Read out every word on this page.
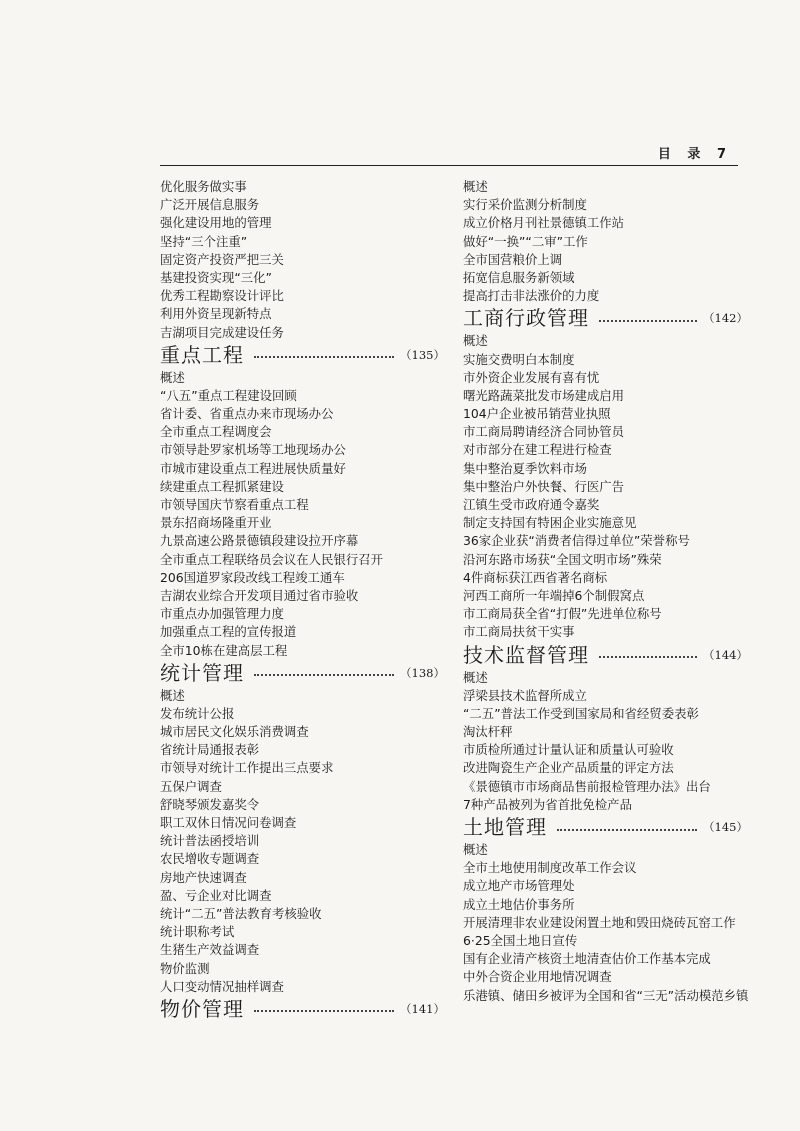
目 录 7
优化服务做实事
广泛开展信息服务
强化建设用地的管理
坚持“三个注重”
固定资产投资严把三关
基建投资实现“三化”
优秀工程勘察设计评比
利用外资呈现新特点
吉湖项目完成建设任务
重点工程	（135）
概述
“八五”重点工程建设回顾
省计委、省重点办来市现场办公
全市重点工程调度会
市领导赴罗家机场等工地现场办公
市城市建设重点工程进展快质量好
续建重点工程抓紧建设
市领导国庆节察看重点工程
景东招商场隆重开业
九景高速公路景德镇段建设拉开序幕
全市重点工程联络员会议在人民银行召开
206国道罗家段改线工程竣工通车
吉湖农业综合开发项目通过省市验收
市重点办加强管理力度
加强重点工程的宣传报道
全市10栋在建高层工程
统计管理	（138）
概述
发布统计公报
城市居民文化娱乐消费调查
省统计局通报表彰
市领导对统计工作提出三点要求
五保户调查
舒晓琴颁发嘉奖令
职工双休日情况问卷调查
统计普法函授培训
农民增收专题调查
房地产快速调查
盈、亏企业对比调查
统计“二五”普法教育考核验收
统计职称考试
生猪生产效益调查
物价监测
人口变动情况抽样调查
物价管理	（141）
概述
实行采价监测分析制度
成立价格月刊社景德镇工作站
做好“一换”“二审”工作
全市国营粮价上调
拓宽信息服务新领域
提高打击非法涨价的力度
工商行政管理	（142）
概述
实施交费明白本制度
市外资企业发展有喜有忧
曙光路蔬菜批发市场建成启用
104户企业被吊销营业执照
市工商局聘请经济合同协管员
对市部分在建工程进行检查
集中整治夏季饮料市场
集中整治户外快餐、行医广告
江镇生受市政府通令嘉奖
制定支持国有特困企业实施意见
36家企业获“消费者信得过单位”荣誉称号
沿河东路市场获“全国文明市场”殊荣
4件商标获江西省著名商标
河西工商所一年端掉6个制假窝点
市工商局获全省“打假”先进单位称号
市工商局扶贫干实事
技术监督管理	（144）
概述
浮梁县技术监督所成立
“二五”普法工作受到国家局和省经贸委表彰
淘汰杆秤
市质检所通过计量认证和质量认可验收
改进陶瓷生产企业产品质量的评定方法
《景德镇市市场商品售前报检管理办法》出台
7种产品被列为省首批免检产品
土地管理	（145）
概述
全市土地使用制度改革工作会议
成立地产市场管理处
成立土地估价事务所
开展清理非农业建设闲置土地和毁田烧砖瓦窑工作
6·25全国土地日宣传
国有企业清产核资土地清查估价工作基本完成
中外合资企业用地情况调查
乐港镇、储田乡被评为全国和省“三无”活动模范乡镇
